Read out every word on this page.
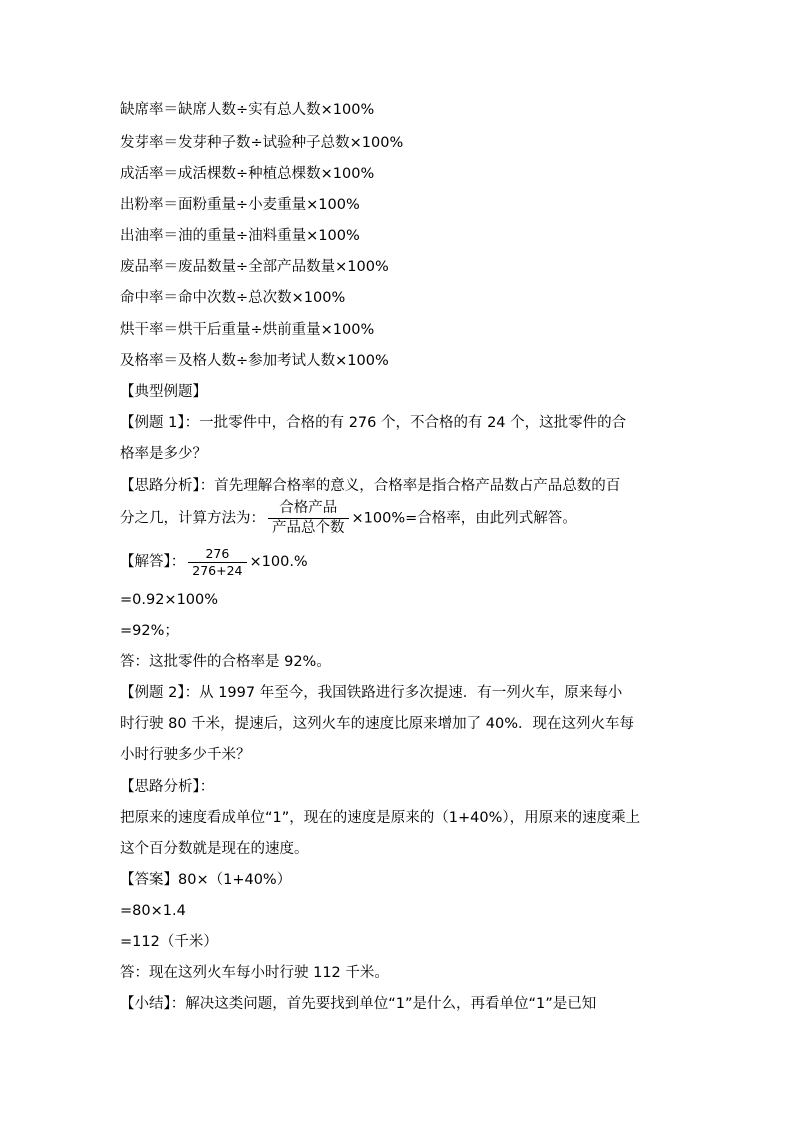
缺席率＝缺席人数÷实有总人数×100%

发芽率＝发芽种子数÷试验种子总数×100%

成活率＝成活棵数÷种植总棵数×100%

出粉率＝面粉重量÷小麦重量×100%

出油率＝油的重量÷油料重量×100%

废品率＝废品数量÷全部产品数量×100%

命中率＝命中次数÷总次数×100%

烘干率＝烘干后重量÷烘前重量×100%

及格率＝及格人数÷参加考试人数×100%

【典型例题】

【例题 1】：一批零件中，合格的有 276 个，不合格的有 24 个，这批零件的合

格率是多少？

【思路分析】：首先理解合格率的意义，合格率是指合格产品数占产品总数的百

分之几，计算方法为： $\frac{\text{合格产品}}{\text{产品总个数}} \times 100\%=$合格率，由此列式解答。

【解答】： $\frac{276}{276+24} \times 100.\%$

=0.92×100%

=92%；

答：这批零件的合格率是 92%。

【例题 2】：从 1997 年至今，我国铁路进行多次提速．有一列火车，原来每小

时行驶 80 千米，提速后，这列火车的速度比原来增加了 40%．现在这列火车每

小时行驶多少千米？

【思路分析】：

把原来的速度看成单位“1”，现在的速度是原来的（1+40%），用原来的速度乘上

这个百分数就是现在的速度。

【答案】80×（1+40%）

=80×1.4

=112（千米）

答：现在这列火车每小时行驶 112 千米。

【小结】：解决这类问题，首先要找到单位“1”是什么，再看单位“1”是已知
